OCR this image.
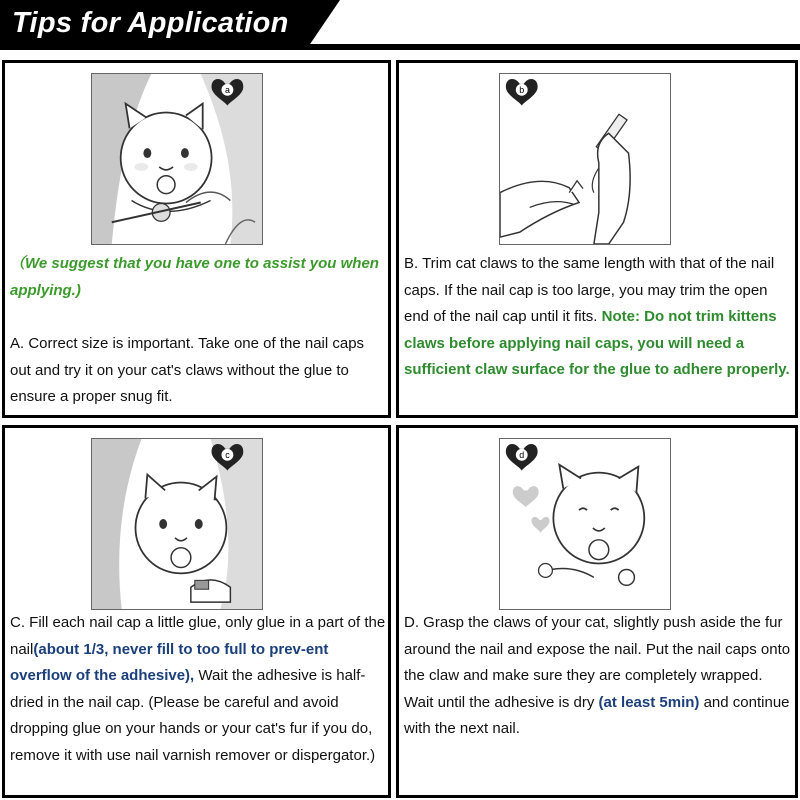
Tips for Application
a
（We suggest that you have one to assist you when applying.)
A. Correct size is important. Take one of the nail caps out and try it on your cat's claws without the glue to ensure a proper snug fit.
b
B. Trim cat claws to the same length with that of the nail caps. If the nail cap is too large, you may trim the open end of the nail cap until it fits. Note: Do not trim kittens claws before applying nail caps, you will need a sufficient claw surface for the glue to adhere properly.
c
C. Fill each nail cap a little glue, only glue in a part of the nail(about 1/3, never fill to too full to prev-ent overflow of the adhesive), Wait the adhesive is half-dried in the nail cap. (Please be careful and avoid dropping glue on your hands or your cat's fur if you do, remove it with use nail varnish remover or dispergator.)
d
D. Grasp the claws of your cat, slightly push aside the fur around the nail and expose the nail. Put the nail caps onto the claw and make sure they are completely wrapped. Wait until the adhesive is dry (at least 5min) and continue with the next nail.
